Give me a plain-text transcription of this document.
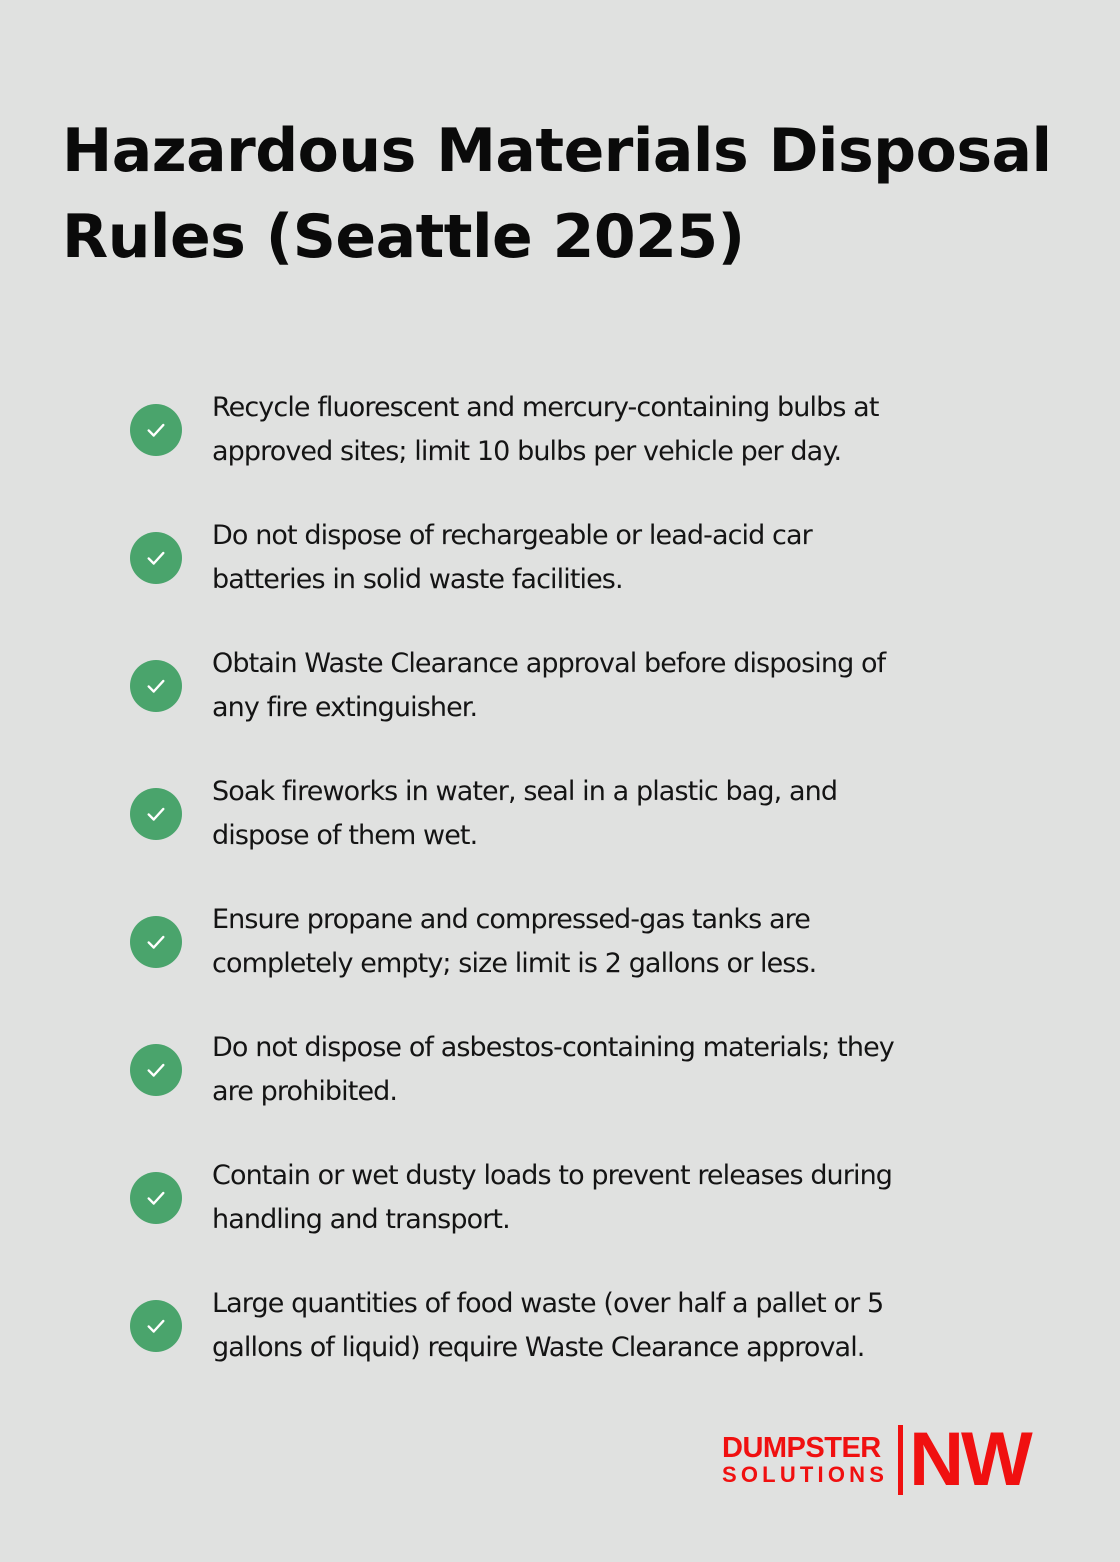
Hazardous Materials Disposal
Rules (Seattle 2025)
Recycle fluorescent and mercury-containing bulbs at
approved sites; limit 10 bulbs per vehicle per day.
Do not dispose of rechargeable or lead-acid car
batteries in solid waste facilities.
Obtain Waste Clearance approval before disposing of
any fire extinguisher.
Soak fireworks in water, seal in a plastic bag, and
dispose of them wet.
Ensure propane and compressed-gas tanks are
completely empty; size limit is 2 gallons or less.
Do not dispose of asbestos-containing materials; they
are prohibited.
Contain or wet dusty loads to prevent releases during
handling and transport.
Large quantities of food waste (over half a pallet or 5
gallons of liquid) require Waste Clearance approval.
DUMPSTER
SOLUTIONS NW
